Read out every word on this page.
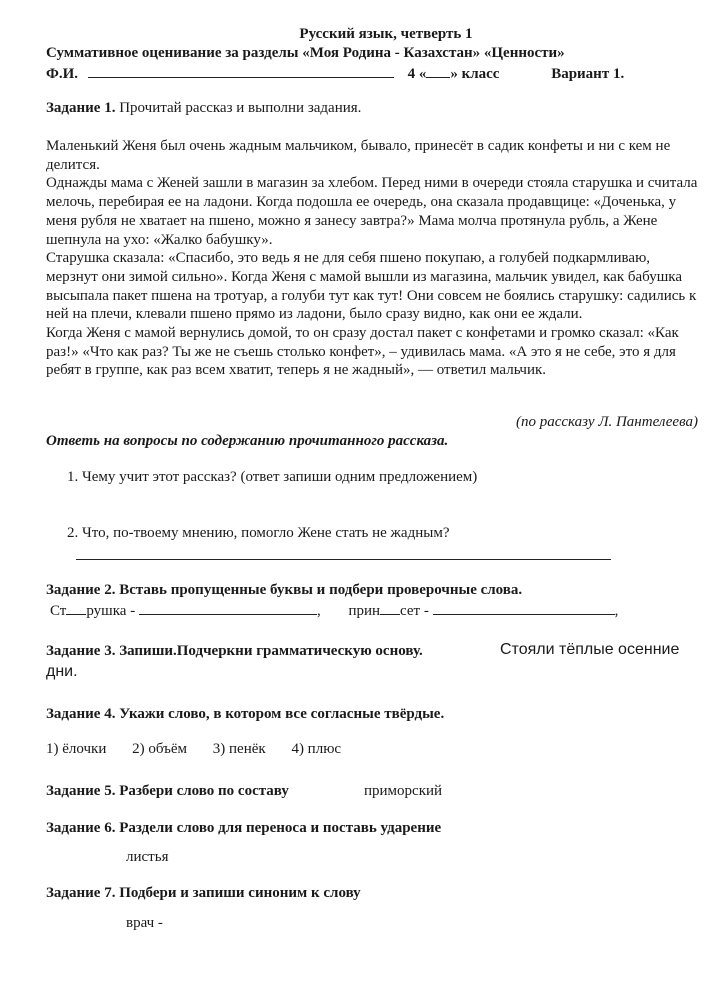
Русский язык, четверть 1
Суммативное оценивание за разделы «Моя Родина - Казахстан» «Ценности»
Ф.И.	4 « » класс	Вариант 1.
Задание 1. Прочитай рассказ и выполни задания.

Маленький Женя был очень жадным мальчиком, бывало, принесёт в садик конфеты и ни с кем не делится.

Однажды мама с Женей зашли в магазин за хлебом. Перед ними в очереди стояла старушка и считала мелочь, перебирая ее на ладони. Когда подошла ее очередь, она сказала продавщице: «Доченька, у меня рубля не хватает на пшено, можно я занесу завтра?» Мама молча протянула рубль, а Жене шепнула на ухо: «Жалко бабушку».

Старушка сказала: «Спасибо, это ведь я не для себя пшено покупаю, а голубей подкармливаю, мерзнут они зимой сильно». Когда Женя с мамой вышли из магазина, мальчик увидел, как бабушка высыпала пакет пшена на тротуар, а голуби тут как тут! Они совсем не боялись старушку: садились к ней на плечи, клевали пшено прямо из ладони, было сразу видно, как они ее ждали.

Когда Женя с мамой вернулись домой, то он сразу достал пакет с конфетами и громко сказал: «Как раз!» «Что как раз? Ты же не съешь столько конфет», – удивилась мама. «А это я не себе, это я для ребят в группе, как раз всем хватит, теперь я не жадный», — ответил мальчик.

(по рассказу Л. Пантелеева)
Ответь на вопросы по содержанию прочитанного рассказа.
1. Чему учит этот рассказ? (ответ запиши одним предложением)
2. Что, по-твоему мнению, помогло Жене стать не жадным?
Задание 2. Вставь пропущенные буквы и подбери проверочные слова.
Ст рушка -	, прин сет -	,
Задание 3. Запиши.Подчеркни грамматическую основу.	Стояли тёплые осенние
дни.
Задание 4. Укажи слово, в котором все согласные твёрдые.
1) ёлочки 2) объём 3) пенёк 4) плюс
Задание 5. Разбери слово по составу	приморский
Задание 6. Раздели слово для переноса и поставь ударение
листья
Задание 7. Подбери и запиши синоним к слову
врач -
